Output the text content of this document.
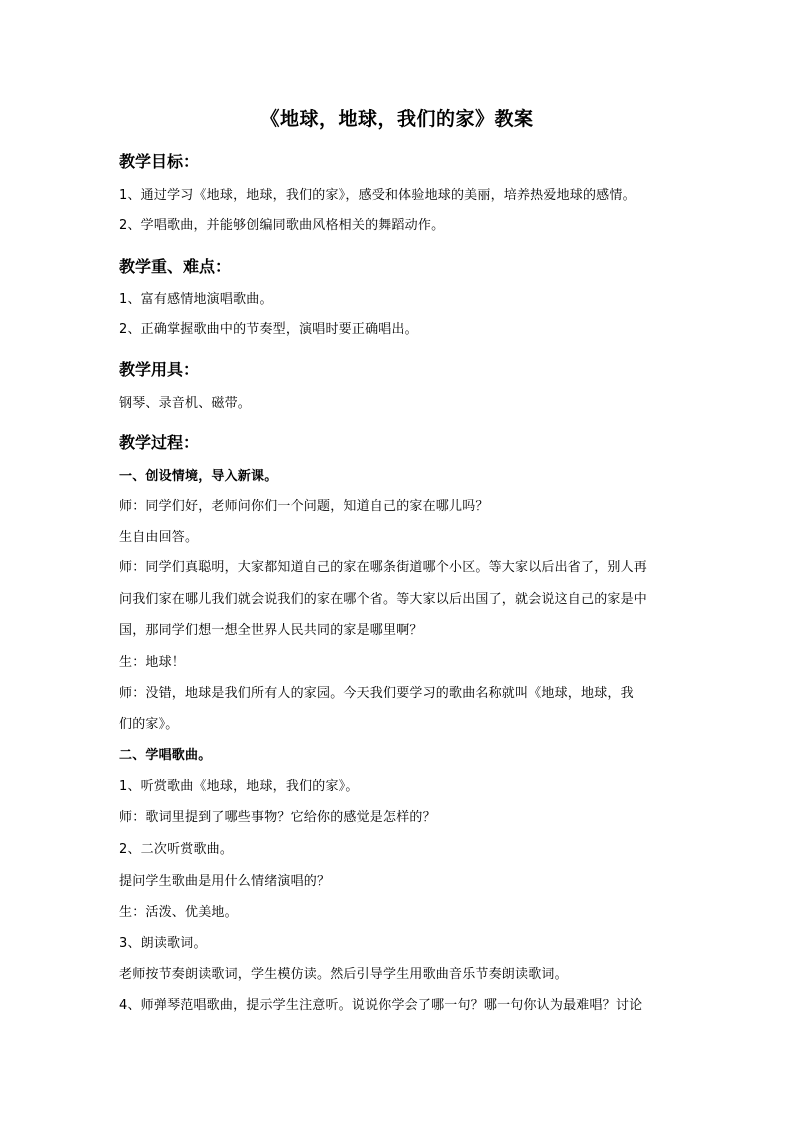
《地球，地球，我们的家》教案
教学目标：
1、通过学习《地球，地球，我们的家》，感受和体验地球的美丽，培养热爱地球的感情。
2、学唱歌曲，并能够创编同歌曲风格相关的舞蹈动作。
教学重、难点：
1、富有感情地演唱歌曲。
2、正确掌握歌曲中的节奏型，演唱时要正确唱出。
教学用具：
钢琴、录音机、磁带。
教学过程：
一、创设情境，导入新课。
师：同学们好，老师问你们一个问题，知道自己的家在哪儿吗？
生自由回答。
师：同学们真聪明，大家都知道自己的家在哪条街道哪个小区。等大家以后出省了，别人再
问我们家在哪儿我们就会说我们的家在哪个省。等大家以后出国了，就会说这自己的家是中
国，那同学们想一想全世界人民共同的家是哪里啊？
生：地球！
师：没错，地球是我们所有人的家园。今天我们要学习的歌曲名称就叫《地球，地球，我
们的家》。
二、学唱歌曲。
1、听赏歌曲《地球，地球，我们的家》。
师：歌词里提到了哪些事物？它给你的感觉是怎样的？
2、二次听赏歌曲。
提问学生歌曲是用什么情绪演唱的？
生：活泼、优美地。
3、朗读歌词。
老师按节奏朗读歌词，学生模仿读。然后引导学生用歌曲音乐节奏朗读歌词。
4、师弹琴范唱歌曲，提示学生注意听。说说你学会了哪一句？哪一句你认为最难唱？讨论
